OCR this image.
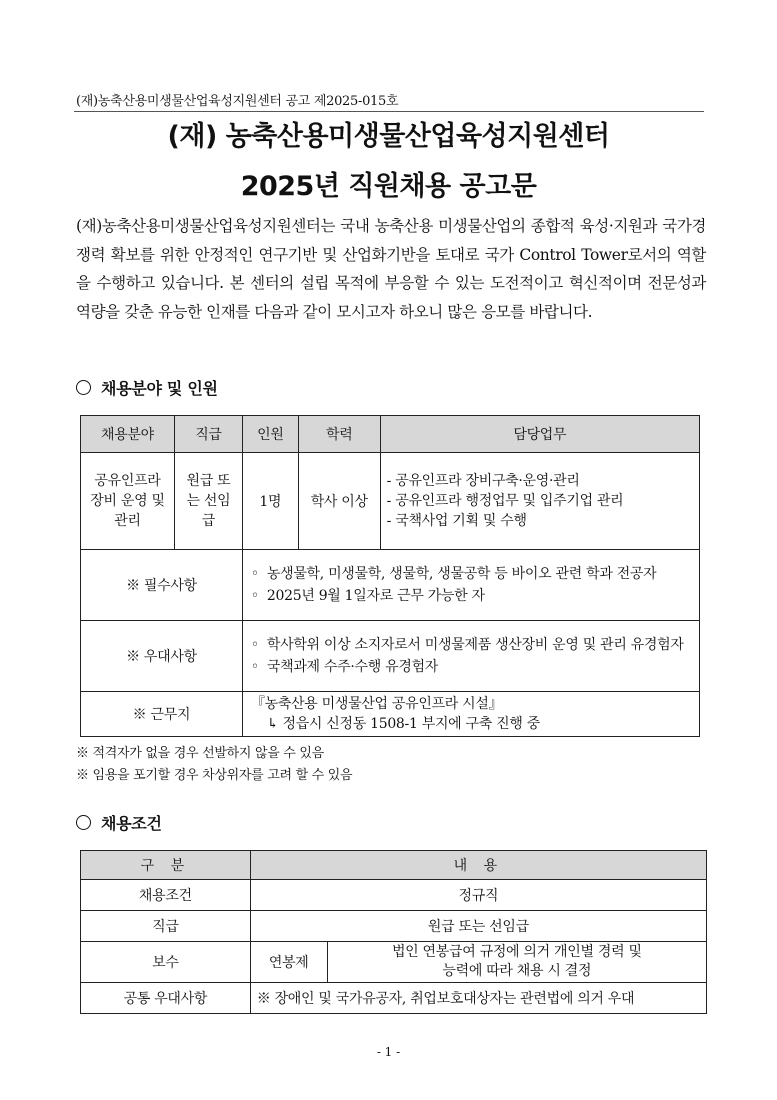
(재)농축산용미생물산업육성지원센터 공고 제2025-015호
(재) 농축산용미생물산업육성지원센터
2025년 직원채용 공고문
(재)농축산용미생물산업육성지원센터는 국내 농축산용 미생물산업의 종합적 육성·지원과 국가경쟁력 확보를 위한 안정적인 연구기반 및 산업화기반을 토대로 국가 Control Tower로서의 역할을 수행하고 있습니다. 본 센터의 설립 목적에 부응할 수 있는 도전적이고 혁신적이며 전문성과 역량을 갖춘 유능한 인재를 다음과 같이 모시고자 하오니 많은 응모를 바랍니다.
채용분야 및 인원
채용분야	직급	인원	학력	담당업무

공유인프라 장비 운영 및 관리	원급 또는 선임급	1명	학사 이상	- 공유인프라 장비구축·운영·관리
- 공유인프라 행정업무 및 입주기업 관리
- 국책사업 기획 및 수행

※ 필수사항		◦ 농생물학, 미생물학, 생물학, 생물공학 등 바이오 관련 학과 전공자
◦ 2025년 9월 1일자로 근무 가능한 자		

※ 우대사항		◦ 학사학위 이상 소지자로서 미생물제품 생산장비 운영 및 관리 유경험자
◦ 국책과제 수주·수행 유경험자		

※ 근무지		『농축산용 미생물산업 공유인프라 시설』
↳ 정읍시 신정동 1508-1 부지에 구축 진행 중		
※ 적격자가 없을 경우 선발하지 않을 수 있음
※ 임용을 포기할 경우 차상위자를 고려 할 수 있음
채용조건
구 분	내 용	
채용조건	정규직	
직급	원급 또는 선임급	
보수	연봉제	법인 연봉급여 규정에 의거 개인별 경력 및
능력에 따라 채용 시 결정

공통 우대사항	※ 장애인 및 국가유공자, 취업보호대상자는 관련법에 의거 우대	
- 1 -
